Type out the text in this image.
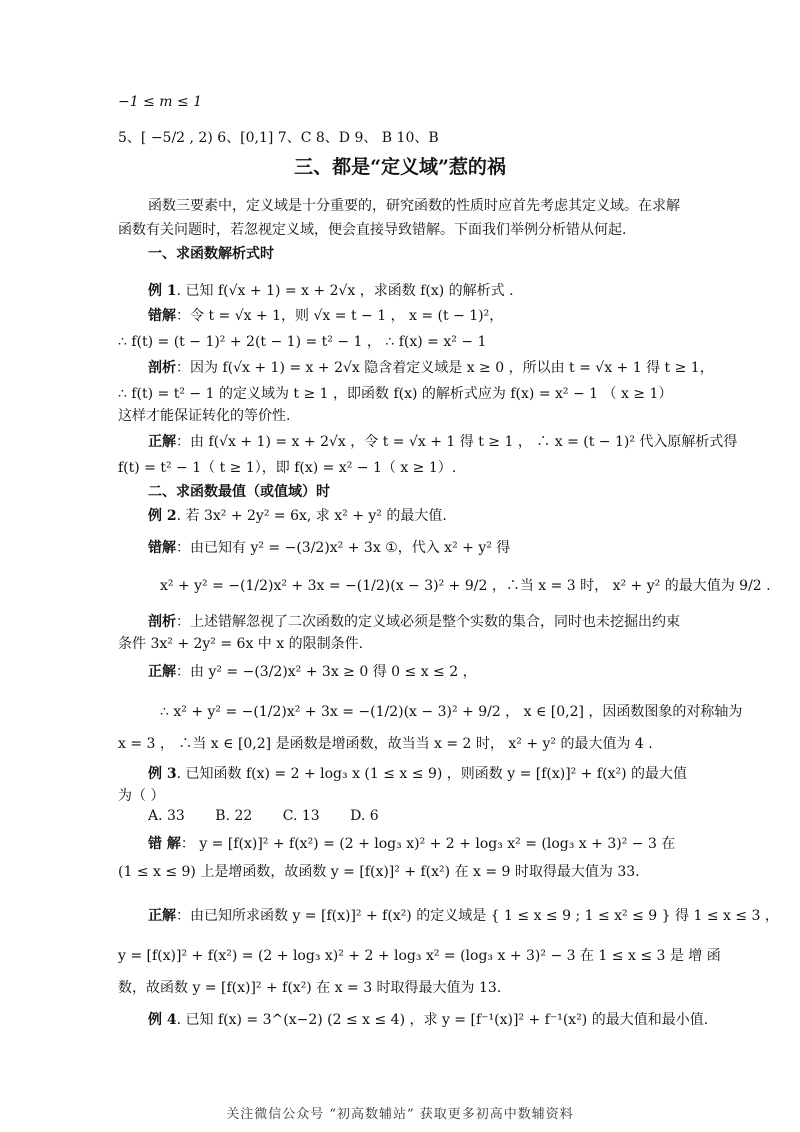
−1 ≤ m ≤ 1
5、[ −5/2 , 2) 6、[0,1] 7、C 8、D 9、 B 10、B
三、都是“定义域”惹的祸
函数三要素中，定义域是十分重要的，研究函数的性质时应首先考虑其定义域。在求解
函数有关问题时，若忽视定义域，便会直接导致错解。下面我们举例分析错从何起.
一、求函数解析式时
例 1. 已知 f(√x + 1) = x + 2√x ，求函数 f(x) 的解析式 .
错解：令 t = √x + 1，则 √x = t − 1 ， x = (t − 1)²，
∴ f(t) = (t − 1)² + 2(t − 1) = t² − 1 ， ∴ f(x) = x² − 1
剖析：因为 f(√x + 1) = x + 2√x 隐含着定义域是 x ≥ 0 ，所以由 t = √x + 1 得 t ≥ 1，
∴ f(t) = t² − 1 的定义域为 t ≥ 1 ，即函数 f(x) 的解析式应为 f(x) = x² − 1 （ x ≥ 1）
这样才能保证转化的等价性.
正解：由 f(√x + 1) = x + 2√x ，令 t = √x + 1 得 t ≥ 1 ， ∴ x = (t − 1)² 代入原解析式得
f(t) = t² − 1（ t ≥ 1），即 f(x) = x² − 1（ x ≥ 1）.
二、求函数最值（或值域）时
例 2. 若 3x² + 2y² = 6x, 求 x² + y² 的最大值.
错解：由已知有 y² = −(3/2)x² + 3x ①，代入 x² + y² 得
x² + y² = −(1/2)x² + 3x = −(1/2)(x − 3)² + 9/2 ，∴当 x = 3 时， x² + y² 的最大值为 9/2 .
剖析：上述错解忽视了二次函数的定义域必须是整个实数的集合，同时也未挖掘出约束
条件 3x² + 2y² = 6x 中 x 的限制条件.
正解：由 y² = −(3/2)x² + 3x ≥ 0 得 0 ≤ x ≤ 2 ，
∴ x² + y² = −(1/2)x² + 3x = −(1/2)(x − 3)² + 9/2 ， x ∈ [0,2] ，因函数图象的对称轴为
x = 3 ， ∴当 x ∈ [0,2] 是函数是增函数，故当当 x = 2 时， x² + y² 的最大值为 4 .
例 3. 已知函数 f(x) = 2 + log₃ x (1 ≤ x ≤ 9) ，则函数 y = [f(x)]² + f(x²) 的最大值
为（ ）
A. 33 B. 22 C. 13 D. 6
错 解： y = [f(x)]² + f(x²) = (2 + log₃ x)² + 2 + log₃ x² = (log₃ x + 3)² − 3 在
(1 ≤ x ≤ 9) 上是增函数，故函数 y = [f(x)]² + f(x²) 在 x = 9 时取得最大值为 33.
正解：由已知所求函数 y = [f(x)]² + f(x²) 的定义域是 { 1 ≤ x ≤ 9 ; 1 ≤ x² ≤ 9 } 得 1 ≤ x ≤ 3 ，
y = [f(x)]² + f(x²) = (2 + log₃ x)² + 2 + log₃ x² = (log₃ x + 3)² − 3 在 1 ≤ x ≤ 3 是 增 函
数，故函数 y = [f(x)]² + f(x²) 在 x = 3 时取得最大值为 13.
例 4. 已知 f(x) = 3^(x−2) (2 ≤ x ≤ 4) ，求 y = [f⁻¹(x)]² + f⁻¹(x²) 的最大值和最小值.
关注微信公众号 “初高数辅站” 获取更多初高中数辅资料
